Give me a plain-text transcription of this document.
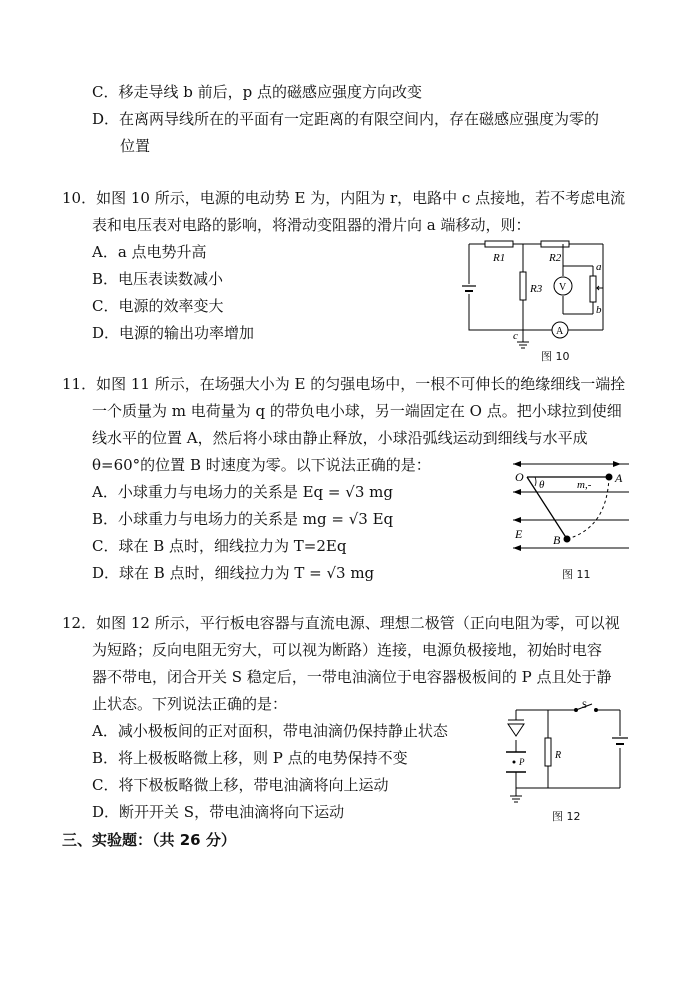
C．移走导线 b 前后，p 点的磁感应强度方向改变
D．在离两导线所在的平面有一定距离的有限空间内，存在磁感应强度为零的
位置
10．如图 10 所示，电源的电动势 E 为，内阻为 r，电路中 c 点接地，若不考虑电流
表和电压表对电路的影响，将滑动变阻器的滑片向 a 端移动，则：
A．a 点电势升高
B．电压表读数减小
C．电源的效率变大
D．电源的输出功率增加
V
A
R1	R2
R3
a
b
c
图 10
11．如图 11 所示，在场强大小为 E 的匀强电场中，一根不可伸长的绝缘细线一端拴
一个质量为 m 电荷量为 q 的带负电小球，另一端固定在 O 点。把小球拉到使细
线水平的位置 A，然后将小球由静止释放，小球沿弧线运动到细线与水平成
θ=60°的位置 B 时速度为零。以下说法正确的是：
A．小球重力与电场力的关系是 Eq = √3 mg
B．小球重力与电场力的关系是 mg = √3 Eq
C．球在 B 点时，细线拉力为 T=2Eq
D．球在 B 点时，细线拉力为 T = √3 mg
O
θ	m,- A
B
E
图 11
12．如图 12 所示，平行板电容器与直流电源、理想二极管（正向电阻为零，可以视
为短路；反向电阻无穷大，可以视为断路）连接，电源负极接地，初始时电容
器不带电，闭合开关 S 稳定后，一带电油滴位于电容器极板间的 P 点且处于静
止状态。下列说法正确的是：
A．减小极板间的正对面积，带电油滴仍保持静止状态
B．将上极板略微上移，则 P 点的电势保持不变
C．将下极板略微上移，带电油滴将向上运动
D．断开开关 S，带电油滴将向下运动
S
R
P
图 12
三、实验题：（共 26 分）
